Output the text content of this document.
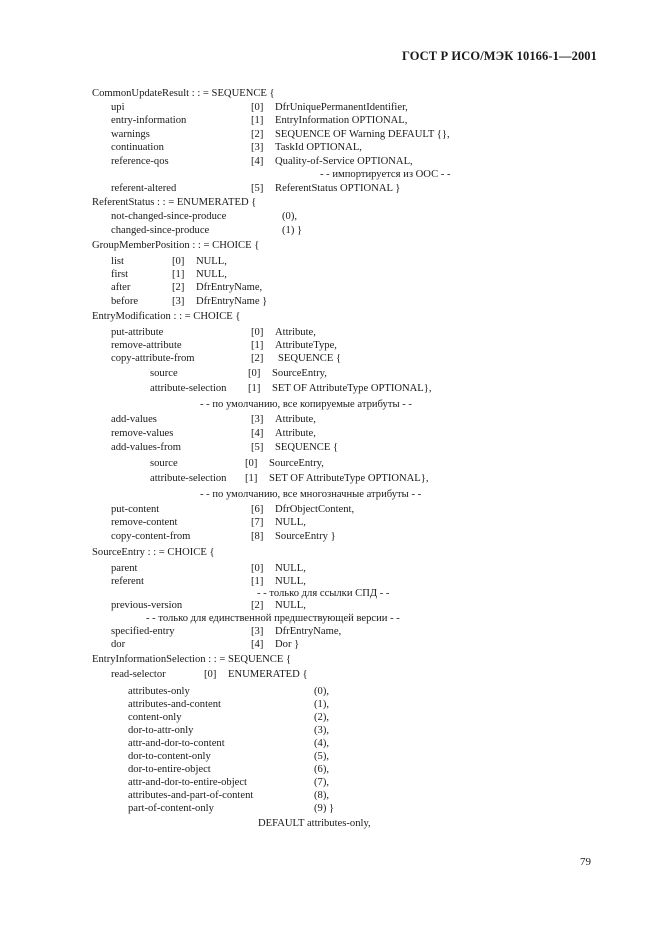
ГОСТ Р ИСО/МЭК 10166-1—2001
CommonUpdateResult : : = SEQUENCE {
upi	[0] DfrUniquePermanentIdentifier,
entry-information	[1] EntryInformation OPTIONAL,
warnings	[2] SEQUENCE OF Warning DEFAULT {},
continuation	[3] TaskId OPTIONAL,
reference-qos	[4] Quality-of-Service OPTIONAL,
- - импортируется из ООС - -
referent-altered	[5] ReferentStatus OPTIONAL }
ReferentStatus : : = ENUMERATED {
not-changed-since-produce	(0),
changed-since-produce	(1) }
GroupMemberPosition : : = CHOICE {
list	[0] NULL,
first	[1] NULL,
after	[2] DfrEntryName,
before	[3] DfrEntryName }
EntryModification : : = CHOICE {
put-attribute	[0] Attribute,
remove-attribute	[1] AttributeType,
copy-attribute-from	[2] SEQUENCE {
source	[0] SourceEntry,
attribute-selection [1] SET OF AttributeType OPTIONAL},
- - по умолчанию, все копируемые атрибуты - -
add-values	[3] Attribute,
remove-values	[4] Attribute,
add-values-from	[5] SEQUENCE {
source	[0] SourceEntry,
attribute-selection [1] SET OF AttributeType OPTIONAL},
- - по умолчанию, все многозначные атрибуты - -
put-content	[6] DfrObjectContent,
remove-content	[7] NULL,
copy-content-from	[8] SourceEntry }
SourceEntry : : = CHOICE {
parent	[0] NULL,
referent	[1] NULL,
- - только для ссылки СПД - -
previous-version	[2] NULL,
- - только для единственной предшествующей версии - -
specified-entry	[3] DfrEntryName,
dor	[4] Dor }
EntryInformationSelection : : = SEQUENCE {
read-selector	[0] ENUMERATED {
attributes-only	(0),
attributes-and-content	(1),
content-only	(2),
dor-to-attr-only	(3),
attr-and-dor-to-content	(4),
dor-to-content-only	(5),
dor-to-entire-object	(6),
attr-and-dor-to-entire-object	(7),
attributes-and-part-of-content	(8),
part-of-content-only	(9) }
DEFAULT attributes-only,
79
